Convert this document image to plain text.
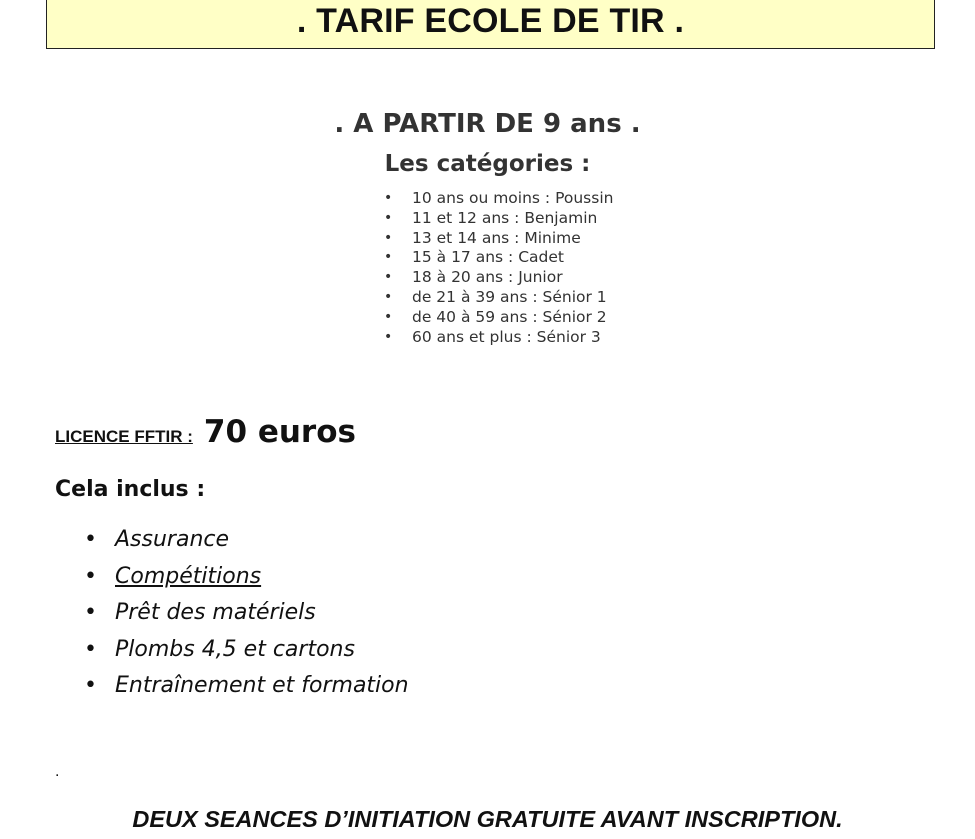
. TARIF ECOLE DE TIR .
. A PARTIR DE 9 ans .
Les catégories :
• 10 ans ou moins : Poussin
• 11 et 12 ans : Benjamin
• 13 et 14 ans : Minime
• 15 à 17 ans : Cadet
• 18 à 20 ans : Junior
• de 21 à 39 ans : Sénior 1
• de 40 à 59 ans : Sénior 2
• 60 ans et plus : Sénior 3
LICENCE FFTIR : 70 euros
Cela inclus :
• Assurance
• Compétitions
• Prêt des matériels
• Plombs 4,5 et cartons
• Entraînement et formation
.

DEUX SEANCES D’INITIATION GRATUITE AVANT INSCRIPTION.
